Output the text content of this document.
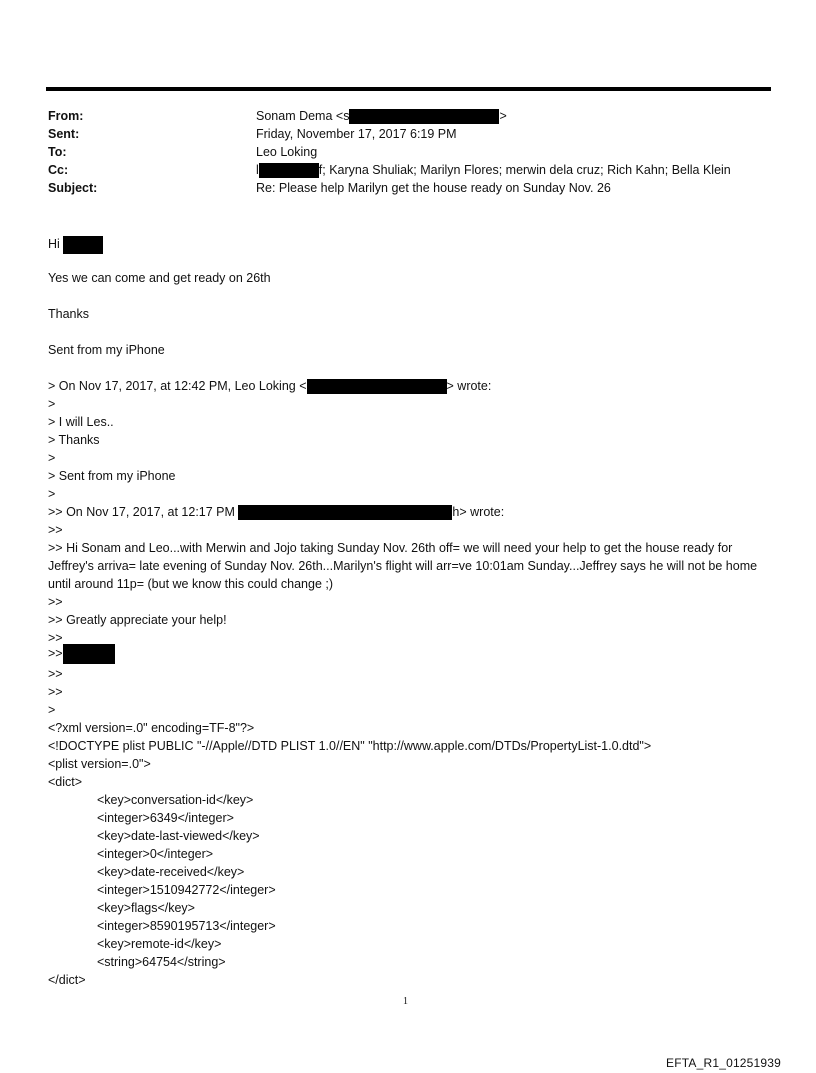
From:	Sonam Dema <s	>
Sent:	Friday, November 17, 2017 6:19 PM
To:	Leo Loking
Cc:	l	f; Karyna Shuliak; Marilyn Flores; merwin dela cruz; Rich Kahn; Bella Klein
Subject:	Re: Please help Marilyn get the house ready on Sunday Nov. 26
Hi
Yes we can come and get ready on 26th
Thanks
Sent from my iPhone
> On Nov 17, 2017, at 12:42 PM, Leo Loking <	> wrote:
>
> I will Les..
> Thanks
>
> Sent from my iPhone
>
>> On Nov 17, 2017, at 12:17 PM	h> wrote:
>>
>> Hi Sonam and Leo...with Merwin and Jojo taking Sunday Nov. 26th off= we will need your help to get the house ready for Jeffrey's arriva= late evening of Sunday Nov. 26th...Marilyn's flight will arr=ve 10:01am Sunday...Jeffrey says he will not be home until around 11p= (but we know this could change ;)
>>
>> Greatly appreciate your help!
>>
>>
>>
>>
>
<?xml version=.0" encoding=TF-8"?>
<!DOCTYPE plist PUBLIC "-//Apple//DTD PLIST 1.0//EN" "http://www.apple.com/DTDs/PropertyList-1.0.dtd">
<plist version=.0">
<dict>
<key>conversation-id</key>
<integer>6349</integer>
<key>date-last-viewed</key>
<integer>0</integer>
<key>date-received</key>
<integer>1510942772</integer>
<key>flags</key>
<integer>8590195713</integer>
<key>remote-id</key>
<string>64754</string>
</dict>
1
EFTA_R1_01251939
